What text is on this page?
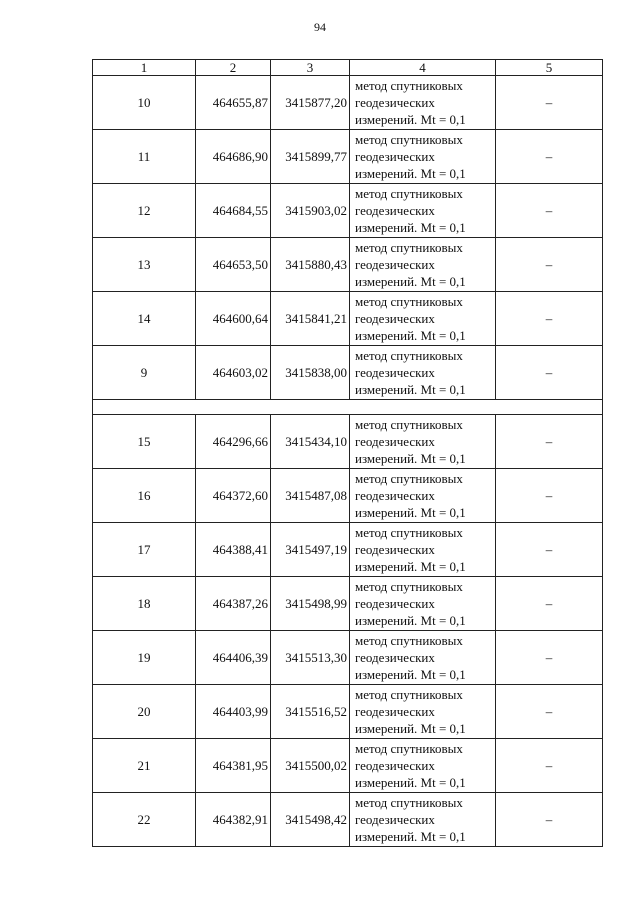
94
1	2	3	4	5
10	464655,87	3415877,20	метод спутниковых
геодезических
измерений. Mt = 0,1	–
11	464686,90	3415899,77	метод спутниковых
геодезических
измерений. Mt = 0,1	–
12	464684,55	3415903,02	метод спутниковых
геодезических
измерений. Mt = 0,1	–
13	464653,50	3415880,43	метод спутниковых
геодезических
измерений. Mt = 0,1	–
14	464600,64	3415841,21	метод спутниковых
геодезических
измерений. Mt = 0,1	–
9	464603,02	3415838,00	метод спутниковых
геодезических
измерений. Mt = 0,1	–

15	464296,66	3415434,10	метод спутниковых
геодезических
измерений. Mt = 0,1	–
16	464372,60	3415487,08	метод спутниковых
геодезических
измерений. Mt = 0,1	–
17	464388,41	3415497,19	метод спутниковых
геодезических
измерений. Mt = 0,1	–
18	464387,26	3415498,99	метод спутниковых
геодезических
измерений. Mt = 0,1	–
19	464406,39	3415513,30	метод спутниковых
геодезических
измерений. Mt = 0,1	–
20	464403,99	3415516,52	метод спутниковых
геодезических
измерений. Mt = 0,1	–
21	464381,95	3415500,02	метод спутниковых
геодезических
измерений. Mt = 0,1	–
22	464382,91	3415498,42	метод спутниковых
геодезических
измерений. Mt = 0,1	–
